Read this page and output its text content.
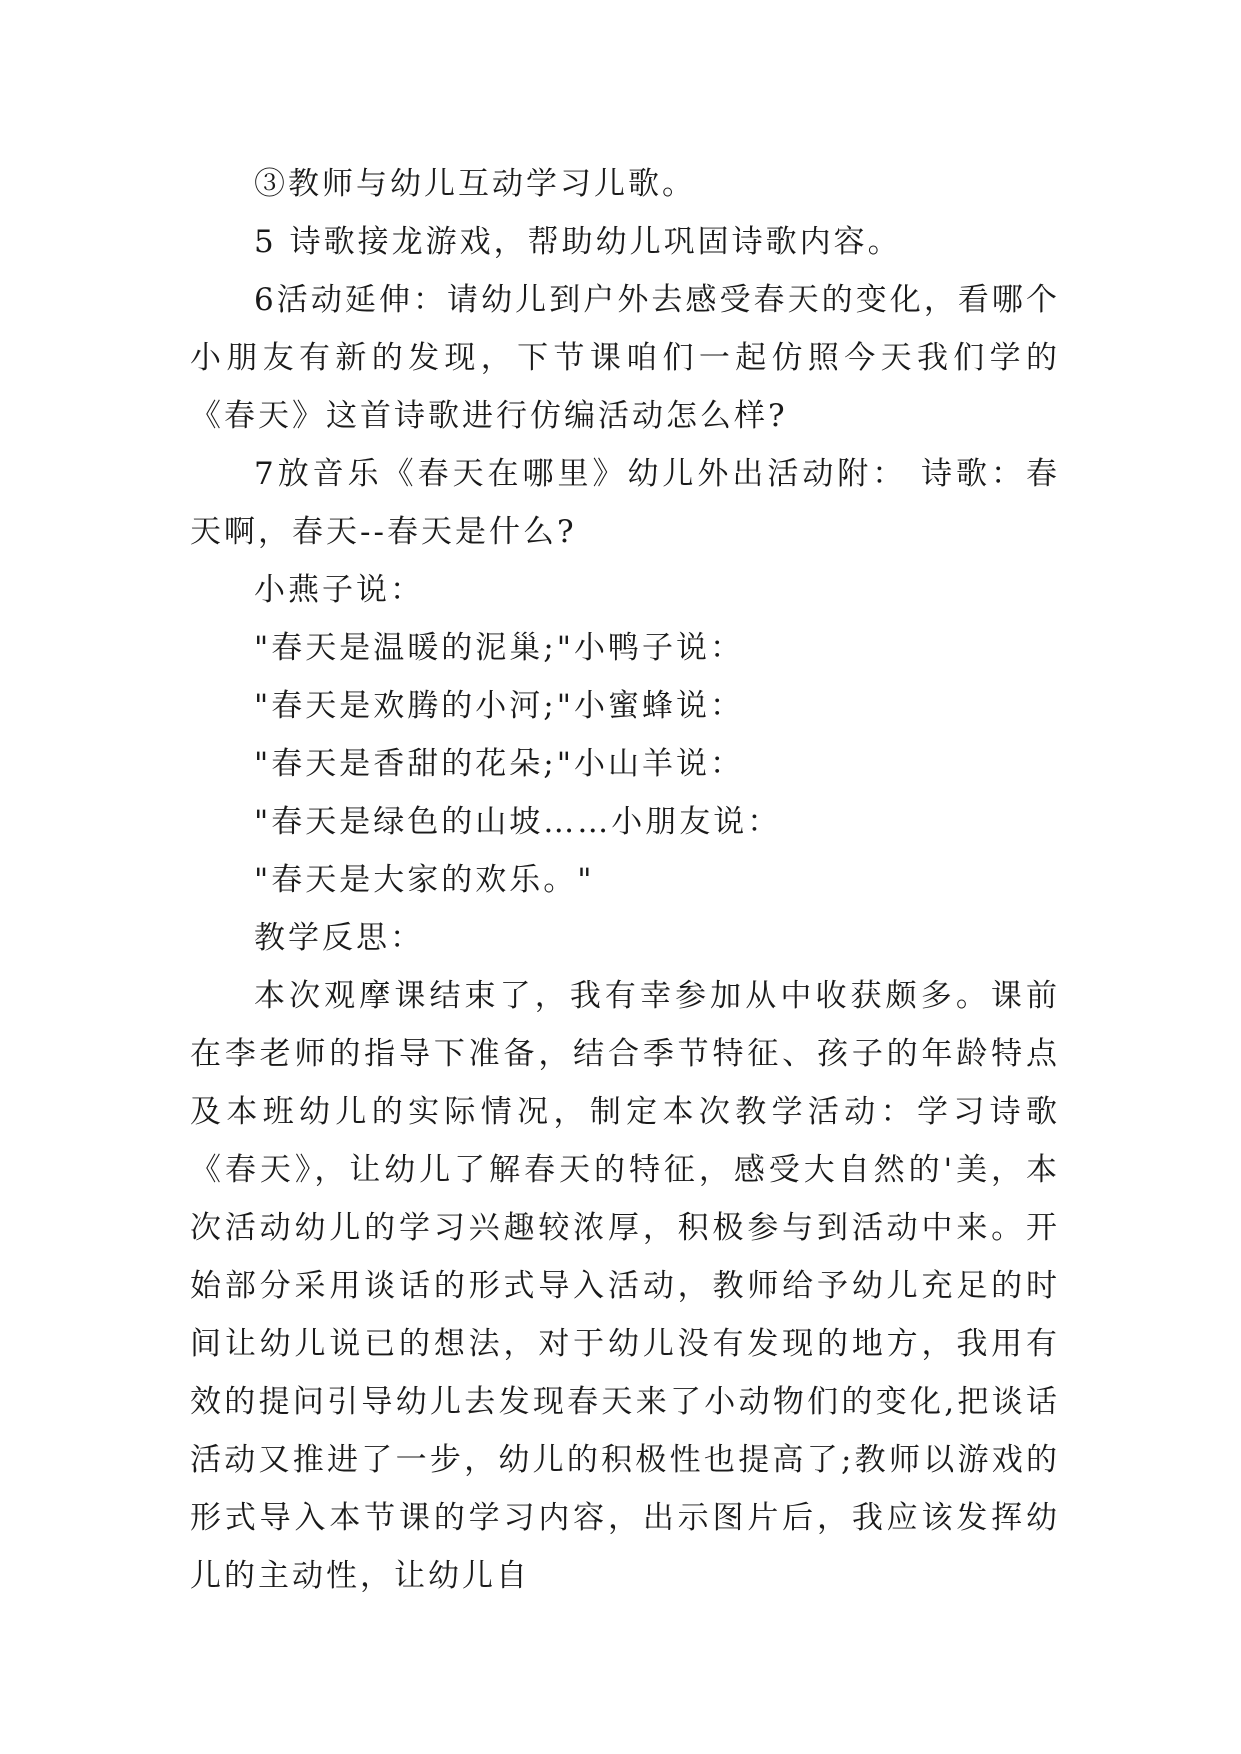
③教师与幼儿互动学习儿歌。

5 诗歌接龙游戏，帮助幼儿巩固诗歌内容。

6活动延伸：请幼儿到户外去感受春天的变化，看哪个小朋友有新的发现，下节课咱们一起仿照今天我们学的《春天》这首诗歌进行仿编活动怎么样?

7放音乐《春天在哪里》幼儿外出活动附： 诗歌：春天啊，春天--春天是什么?

小燕子说：

"春天是温暖的泥巢;"小鸭子说：

"春天是欢腾的小河;"小蜜蜂说：

"春天是香甜的花朵;"小山羊说：

"春天是绿色的山坡……小朋友说：

"春天是大家的欢乐。"

教学反思：

本次观摩课结束了，我有幸参加从中收获颇多。课前在李老师的指导下准备，结合季节特征、孩子的年龄特点及本班幼儿的实际情况，制定本次教学活动：学习诗歌《春天》，让幼儿了解春天的特征，感受大自然的'美，本次活动幼儿的学习兴趣较浓厚，积极参与到活动中来。开始部分采用谈话的形式导入活动，教师给予幼儿充足的时间让幼儿说已的想法，对于幼儿没有发现的地方，我用有效的提问引导幼儿去发现春天来了小动物们的变化,把谈话活动又推进了一步，幼儿的积极性也提高了;教师以游戏的形式导入本节课的学习内容，出示图片后，我应该发挥幼儿的主动性，让幼儿自
